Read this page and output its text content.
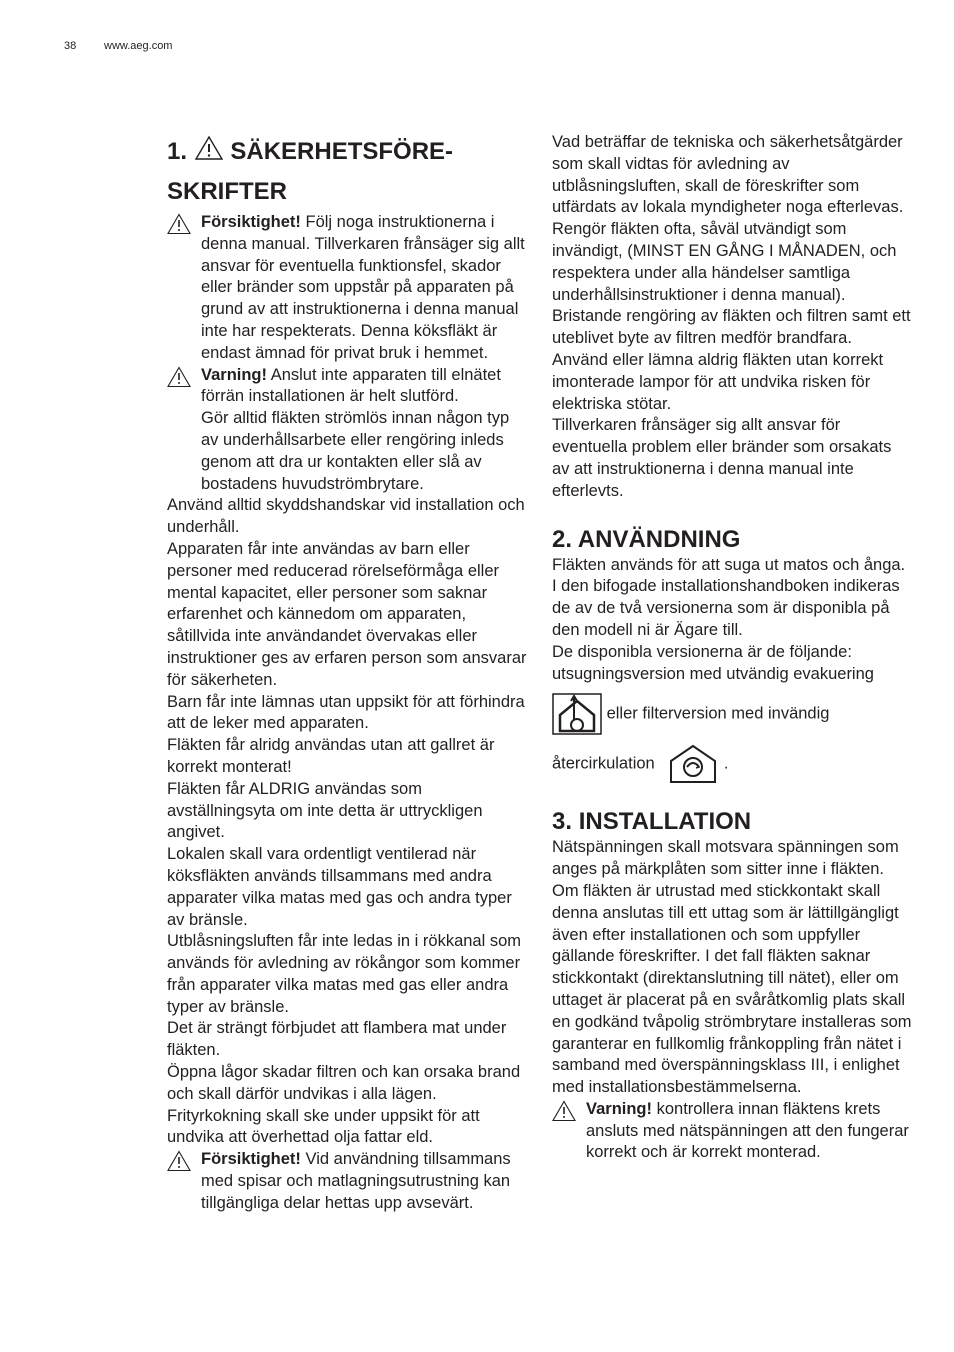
38	www.aeg.com
1. SÄKERHETSFÖRE-
SKRIFTER

Försiktighet! Följ noga instruktionerna i denna manual. Tillverkaren frånsäger sig allt ansvar för eventuella funktionsfel, skador eller bränder som uppstår på apparaten på grund av att instruktionerna i denna manual inte har respekterats. Denna köksfläkt är endast ämnad för privat bruk i hemmet.

Varning! Anslut inte apparaten till elnätet förrän installationen är helt slutförd.

Gör alltid fläkten strömlös innan någon typ av underhållsarbete eller rengöring inleds genom att dra ur kontakten eller slå av bostadens huvudströmbrytare.

Använd alltid skyddshandskar vid installation och underhåll.

Apparaten får inte användas av barn eller personer med reducerad rörelseförmåga eller mental kapacitet, eller personer som saknar erfarenhet och kännedom om apparaten, såtillvida inte användandet övervakas eller instruktioner ges av erfaren person som ansvarar för säkerheten.

Barn får inte lämnas utan uppsikt för att förhindra att de leker med apparaten.

Fläkten får alridg användas utan att gallret är korrekt monterat!

Fläkten får ALDRIG användas som avställningsyta om inte detta är uttryckligen angivet.

Lokalen skall vara ordentligt ventilerad när köksfläkten används tillsammans med andra apparater vilka matas med gas och andra typer av bränsle.

Utblåsningsluften får inte ledas in i rökkanal som används för avledning av rökångor som kommer från apparater vilka matas med gas eller andra typer av bränsle.

Det är strängt förbjudet att flambera mat under fläkten.

Öppna lågor skadar filtren och kan orsaka brand och skall därför undvikas i alla lägen.

Frityrkokning skall ske under uppsikt för att undvika att överhettad olja fattar eld.

Försiktighet! Vid användning tillsammans med spisar och matlagningsutrustning kan tillgängliga delar hettas upp avsevärt.

Vad beträffar de tekniska och säkerhetsåtgärder som skall vidtas för avledning av utblåsningsluften, skall de föreskrifter som utfärdats av lokala myndigheter noga efterlevas.

Rengör fläkten ofta, såväl utvändigt som invändigt, (MINST EN GÅNG I MÅNADEN, och respektera under alla händelser samtliga underhållsinstruktioner i denna manual).

Bristande rengöring av fläkten och filtren samt ett uteblivet byte av filtren medför brandfara.

Använd eller lämna aldrig fläkten utan korrekt imonterade lampor för att undvika risken för elektriska stötar.

Tillverkaren frånsäger sig allt ansvar för eventuella problem eller bränder som orsakats av att instruktionerna i denna manual inte efterlevts.

2. ANVÄNDNING

Fläkten används för att suga ut matos och ånga. I den bifogade installationshandboken indikeras de av de två versionerna som är disponibla på den modell ni är Ägare till.

De disponibla versionerna är de följande: utsugningsversion med utvändig evakuering

eller filterversion med invändig
återcirkulation	.
3. INSTALLATION

Nätspänningen skall motsvara spänningen som anges på märkplåten som sitter inne i fläkten. Om fläkten är utrustad med stickkontakt skall denna anslutas till ett uttag som är lättillgängligt även efter installationen och som uppfyller gällande föreskrifter. I det fall fläkten saknar stickkontakt (direktanslutning till nätet), eller om uttaget är placerat på en svåråtkomlig plats skall en godkänd tvåpolig strömbrytare installeras som garanterar en fullkomlig frånkoppling från nätet i samband med överspänningsklass III, i enlighet med installationsbestämmelserna.

Varning! kontrollera innan fläktens krets ansluts med nätspänningen att den fungerar korrekt och är korrekt monterad.
